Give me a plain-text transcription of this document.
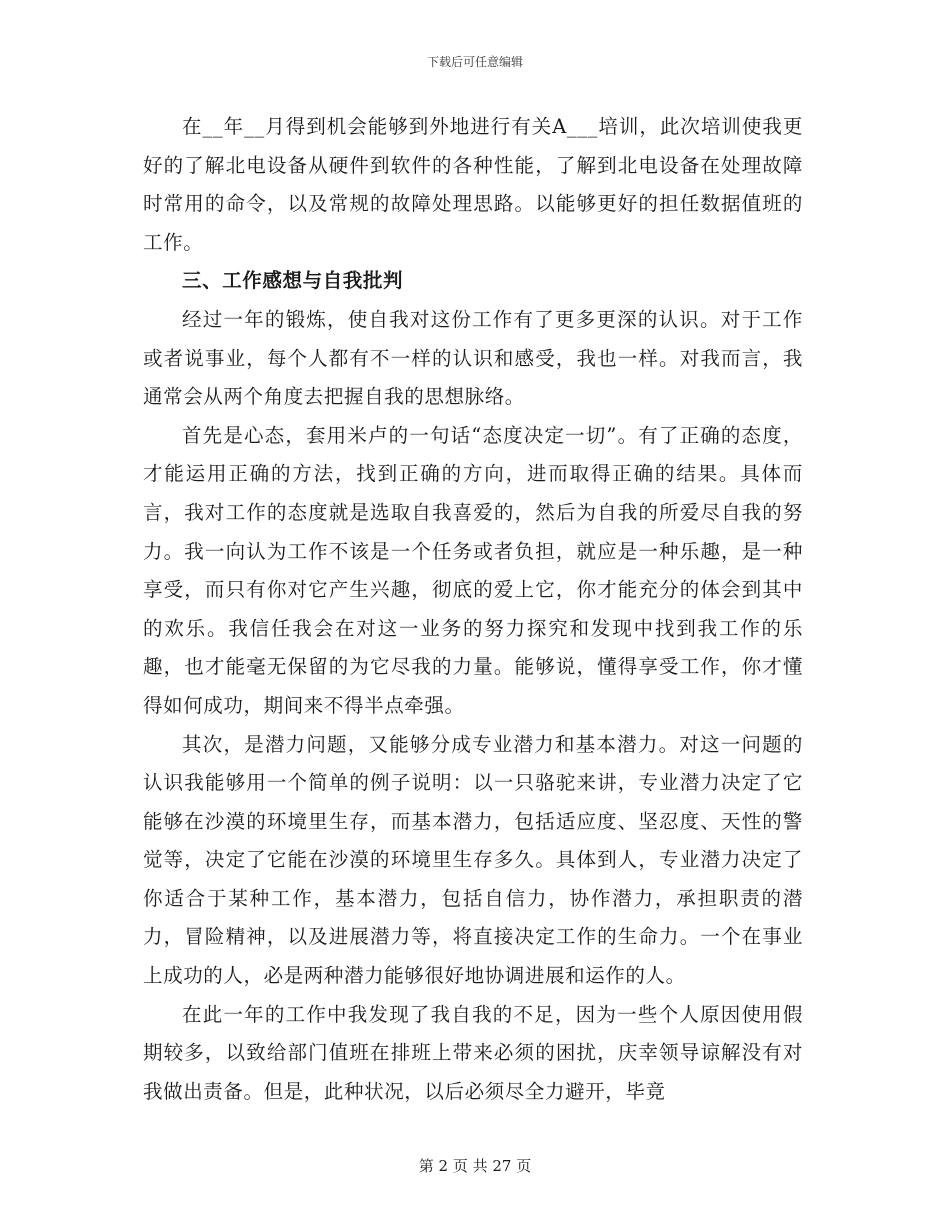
下载后可任意编辑

在__年__月得到机会能够到外地进行有关A___培训，此次培训使我更好的了解北电设备从硬件到软件的各种性能，了解到北电设备在处理故障时常用的命令，以及常规的故障处理思路。以能够更好的担任数据值班的工作。

三、工作感想与自我批判

经过一年的锻炼，使自我对这份工作有了更多更深的认识。对于工作或者说事业，每个人都有不一样的认识和感受，我也一样。对我而言，我通常会从两个角度去把握自我的思想脉络。

首先是心态，套用米卢的一句话“态度决定一切”。有了正确的态度，才能运用正确的方法，找到正确的方向，进而取得正确的结果。具体而言，我对工作的态度就是选取自我喜爱的，然后为自我的所爱尽自我的努力。我一向认为工作不该是一个任务或者负担，就应是一种乐趣，是一种享受，而只有你对它产生兴趣，彻底的爱上它，你才能充分的体会到其中的欢乐。我信任我会在对这一业务的努力探究和发现中找到我工作的乐趣，也才能毫无保留的为它尽我的力量。能够说，懂得享受工作，你才懂得如何成功，期间来不得半点牵强。

其次，是潜力问题，又能够分成专业潜力和基本潜力。对这一问题的认识我能够用一个简单的例子说明：以一只骆驼来讲，专业潜力决定了它能够在沙漠的环境里生存，而基本潜力，包括适应度、坚忍度、天性的警觉等，决定了它能在沙漠的环境里生存多久。具体到人，专业潜力决定了你适合于某种工作，基本潜力，包括自信力，协作潜力，承担职责的潜力，冒险精神，以及进展潜力等，将直接决定工作的生命力。一个在事业上成功的人，必是两种潜力能够很好地协调进展和运作的人。

在此一年的工作中我发现了我自我的不足，因为一些个人原因使用假期较多，以致给部门值班在排班上带来必须的困扰，庆幸领导谅解没有对我做出责备。但是，此种状况，以后必须尽全力避开，毕竟

第 2 页 共 27 页
